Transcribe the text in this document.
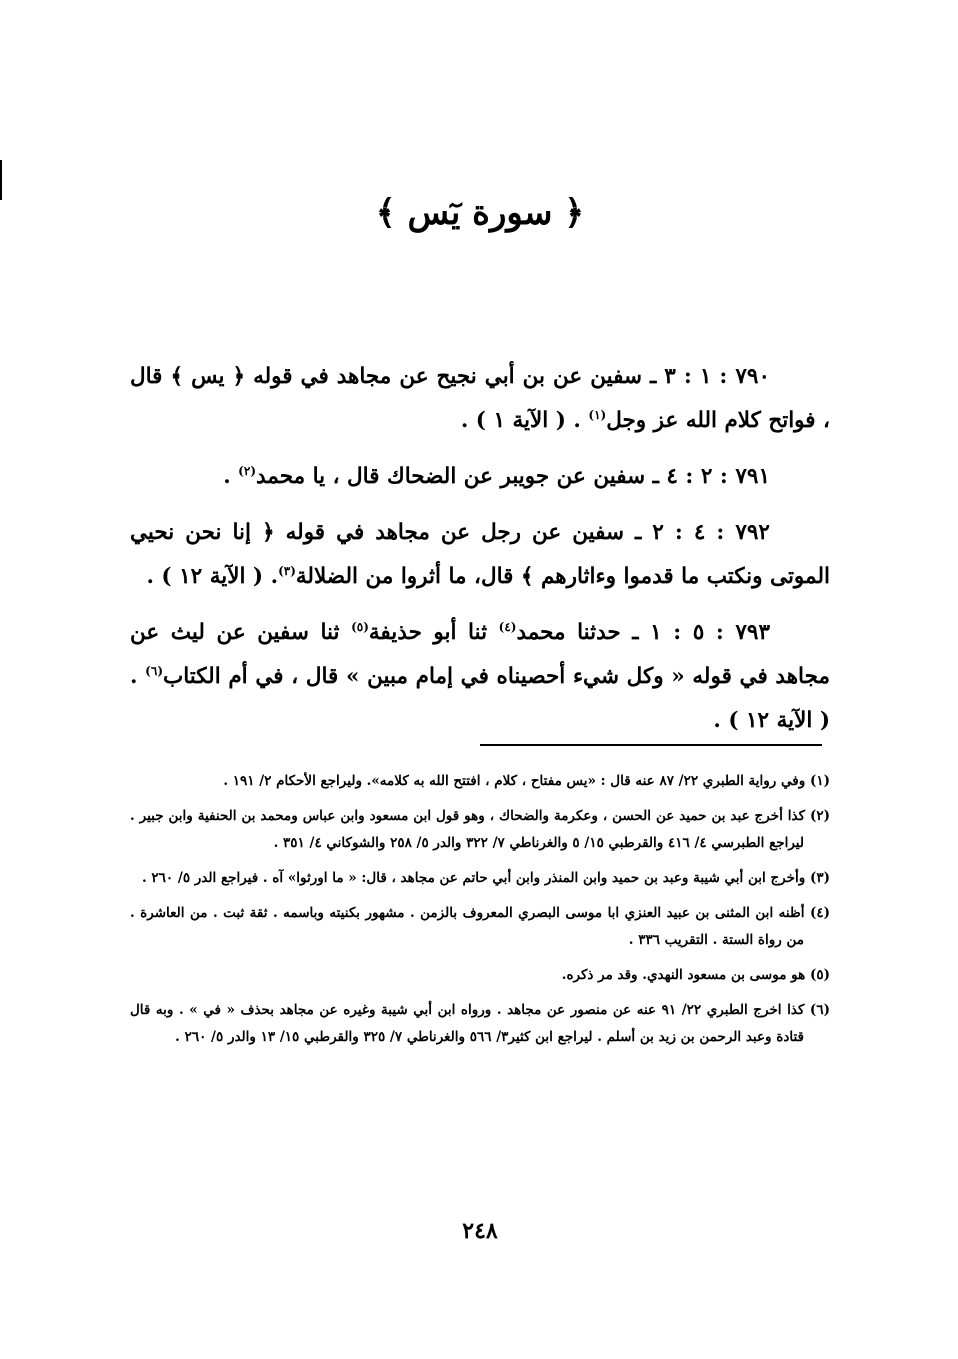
﴿ سورة يٓس ﴾

٧٩٠ : ١ : ٣ ـ سفين عن بن أبي نجيح عن مجاهد في قوله ﴿ يس ﴾ قال ، فواتح كلام الله عز وجل$^{(١)}$ . ( الآية ١ ) .

٧٩١ : ٢ : ٤ ـ سفين عن جويبر عن الضحاك قال ، يا محمد$^{(٢)}$ .

٧٩٢ : ٤ : ٢ ـ سفين عن رجل عن مجاهد في قوله ﴿ إنا نحن نحيي الموتى ونكتب ما قدموا وءاثارهم ﴾ قال، ما أثروا من الضلالة$^{(٣)}$. ( الآية ١٢ ) .

٧٩٣ : ٥ : ١ ـ حدثنا محمد$^{(٤)}$ ثنا أبو حذيفة$^{(٥)}$ ثنا سفين عن ليث عن مجاهد في قوله « وكل شيء أحصيناه في إمام مبين » قال ، في أم الكتاب$^{(٦)}$ . ( الآية ١٢ ) .

(١) وفي رواية الطبري ٢٢/ ٨٧ عنه قال : «يس مفتاح ، كلام ، افتتح الله به كلامه». وليراجع الأحكام ٢/ ١٩١ .

(٢) كذا أخرج عبد بن حميد عن الحسن ، وعكرمة والضحاك ، وهو قول ابن مسعود وابن عباس ومحمد بن الحنفية وابن جبير . ليراجع الطبرسي ٤/ ٤١٦ والقرطبي ١٥/ ٥ والغرناطي ٧/ ٣٢٢ والدر ٥/ ٢٥٨ والشوكاني ٤/ ٣٥١ .

(٣) وأخرج ابن أبي شيبة وعبد بن حميد وابن المنذر وابن أبي حاتم عن مجاهد ، قال: « ما اورثوا» آه . فيراجع الدر ٥/ ٢٦٠ .

(٤) أظنه ابن المثنى بن عبيد العنزي ابا موسى البصري المعروف بالزمن . مشهور بكنيته وباسمه . ثقة ثبت . من العاشرة . من رواة الستة . التقريب ٣٣٦ .

(٥) هو موسى بن مسعود النهدي. وقد مر ذكره.

(٦) كذا اخرج الطبري ٢٢/ ٩١ عنه عن منصور عن مجاهد . ورواه ابن أبي شيبة وغيره عن مجاهد بحذف « في » . وبه قال قتادة وعبد الرحمن بن زيد بن أسلم . ليراجع ابن كثير٣/ ٥٦٦ والغرناطي ٧/ ٣٢٥ والقرطبي ١٥/ ١٣ والدر ٥/ ٢٦٠ .

٢٤٨
